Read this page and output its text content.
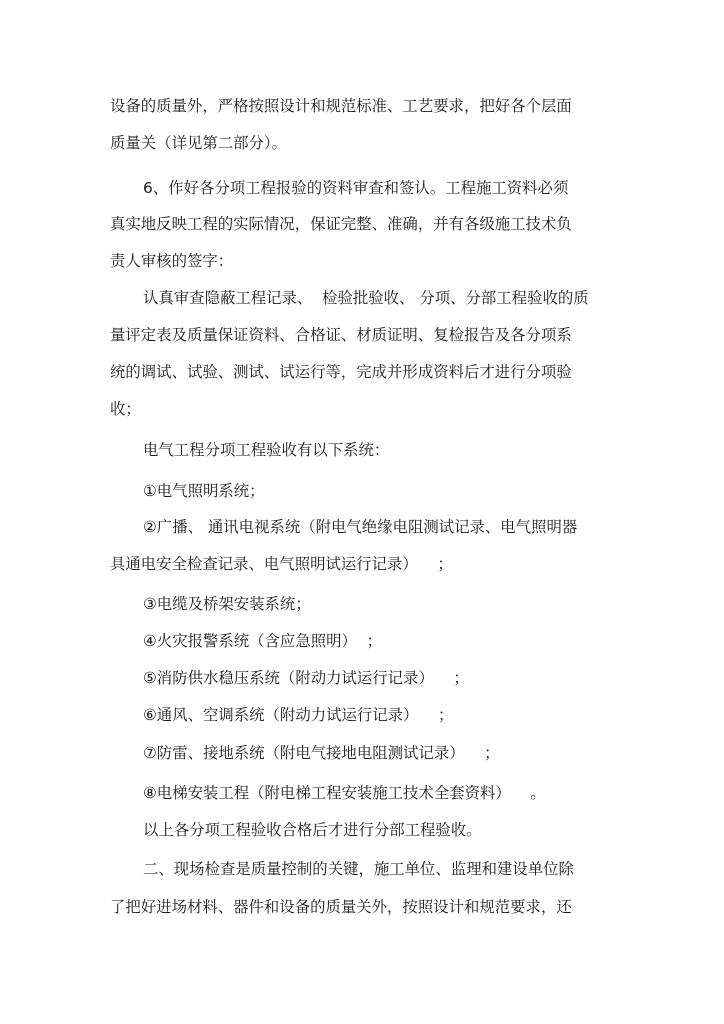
设备的质量外，严格按照设计和规范标准、工艺要求，把好各个层面
质量关（详见第二部分）。
6、作好各分项工程报验的资料审查和签认。工程施工资料必须
真实地反映工程的实际情况，保证完整、准确，并有各级施工技术负
责人审核的签字：
认真审查隐蔽工程记录、  检验批验收、 分项、分部工程验收的质
量评定表及质量保证资料、合格证、材质证明、复检报告及各分项系
统的调试、试验、测试、试运行等，完成并形成资料后才进行分项验
收；
电气工程分项工程验收有以下系统：
①电气照明系统；
②广播、 通讯电视系统（附电气绝缘电阻测试记录、电气照明器
具通电安全检查记录、电气照明试运行记录）    ；
③电缆及桥架安装系统；
④火灾报警系统（含应急照明）  ；
⑤消防供水稳压系统（附动力试运行记录）    ；
⑥通风、空调系统（附动力试运行记录）    ；
⑦防雷、接地系统（附电气接地电阻测试记录）    ；
⑧电梯安装工程（附电梯工程安装施工技术全套资料）    。
以上各分项工程验收合格后才进行分部工程验收。
二、现场检查是质量控制的关键，施工单位、监理和建设单位除
了把好进场材料、器件和设备的质量关外，按照设计和规范要求，还
